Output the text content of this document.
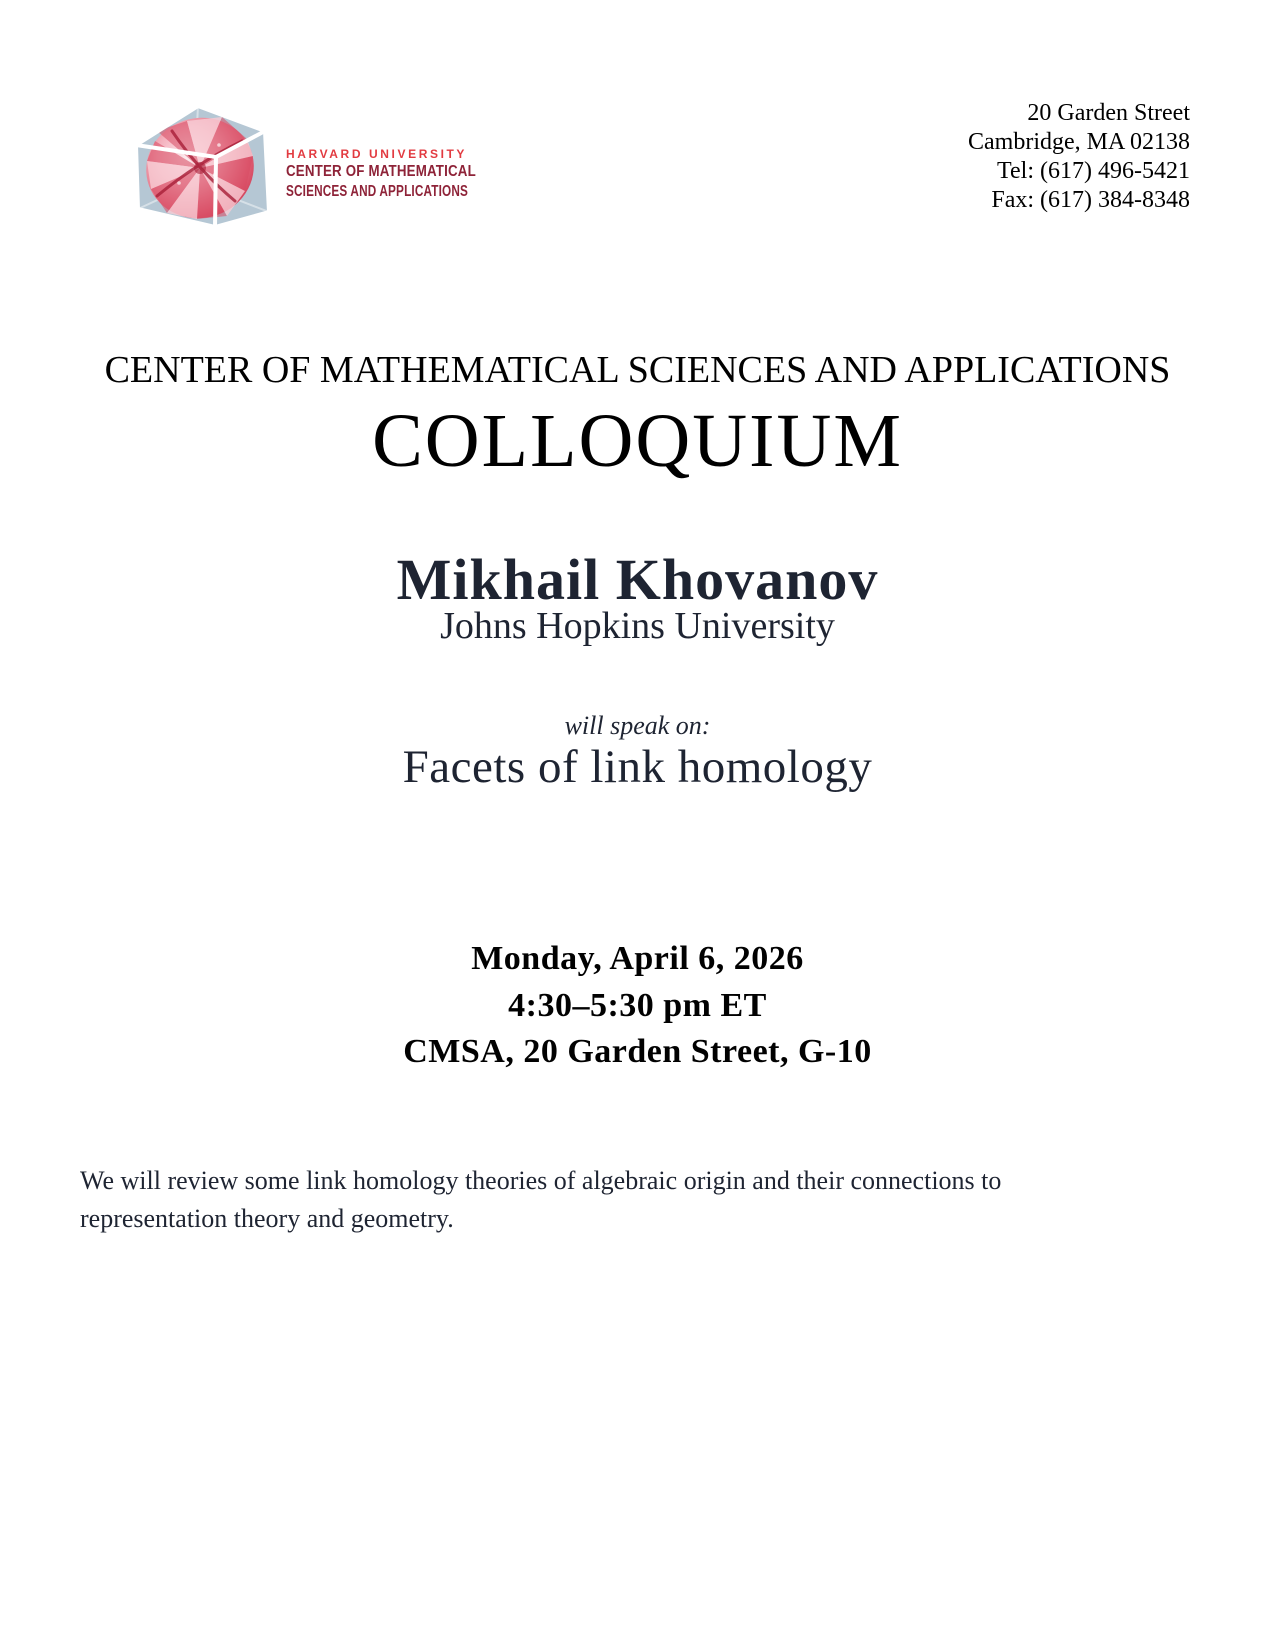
HARVARD UNIVERSITY
CENTER OF MATHEMATICAL
SCIENCES AND APPLICATIONS
20 Garden Street
Cambridge, MA 02138
Tel: (617) 496-5421
Fax: (617) 384-8348
CENTER OF MATHEMATICAL SCIENCES AND APPLICATIONS
COLLOQUIUM
Mikhail Khovanov
Johns Hopkins University
will speak on:
Facets of link homology
Monday, April 6, 2026
4:30–5:30 pm ET
CMSA, 20 Garden Street, G-10
We will review some link homology theories of algebraic origin and their connections to
representation theory and geometry.
